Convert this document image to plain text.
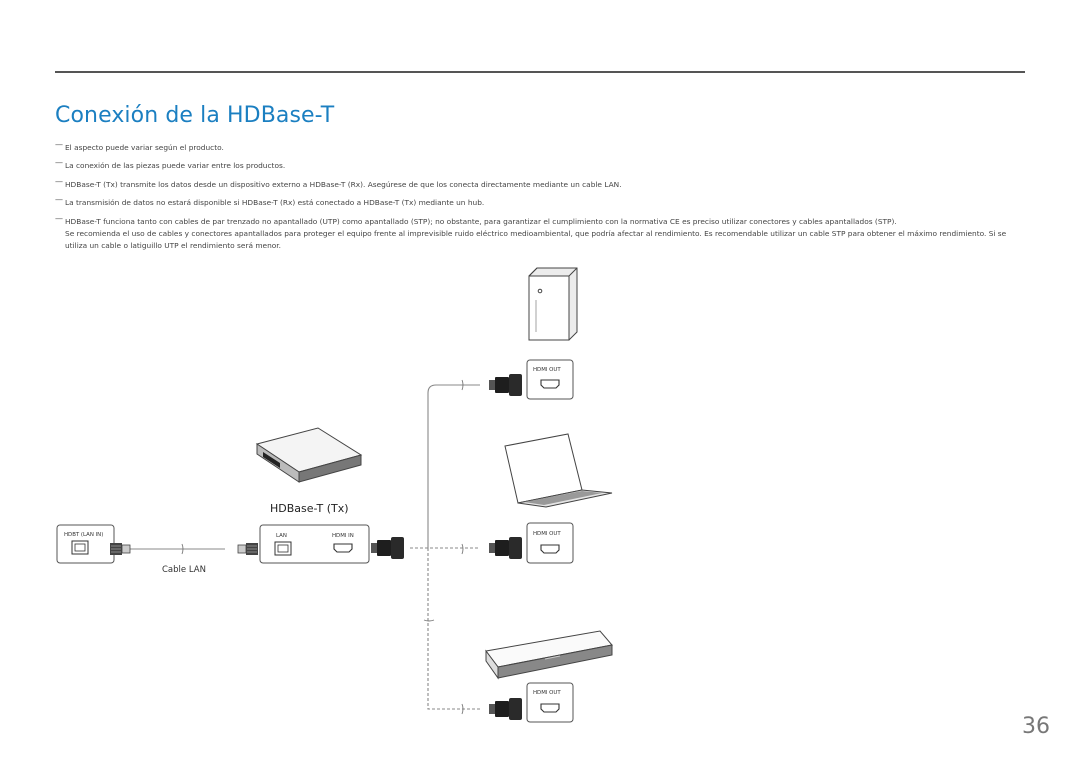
Conexión de la HDBase-T
— El aspecto puede variar según el producto.

— La conexión de las piezas puede variar entre los productos.

— HDBase-T (Tx) transmite los datos desde un dispositivo externo a HDBase-T (Rx). Asegúrese de que los conecta directamente mediante un cable LAN.

— La transmisión de datos no estará disponible si HDBase-T (Rx) está conectado a HDBase-T (Tx) mediante un hub.

— HDBase-T funciona tanto con cables de par trenzado no apantallado (UTP) como apantallado (STP); no obstante, para garantizar el cumplimiento con la normativa CE es preciso utilizar conectores y cables apantallados (STP).

Se recomienda el uso de cables y conectores apantallados para proteger el equipo frente al imprevisible ruido eléctrico medioambiental, que podría afectar al rendimiento. Es recomendable utilizar un cable STP para obtener el máximo rendimiento. Si se utiliza un cable o latiguillo UTP el rendimiento será menor.

HDBase-T (Tx)
HDBT (LAN IN)
Cable LAN
LAN	HDMI IN
HDMI OUT
HDMI OUT
HDMI OUT
36
